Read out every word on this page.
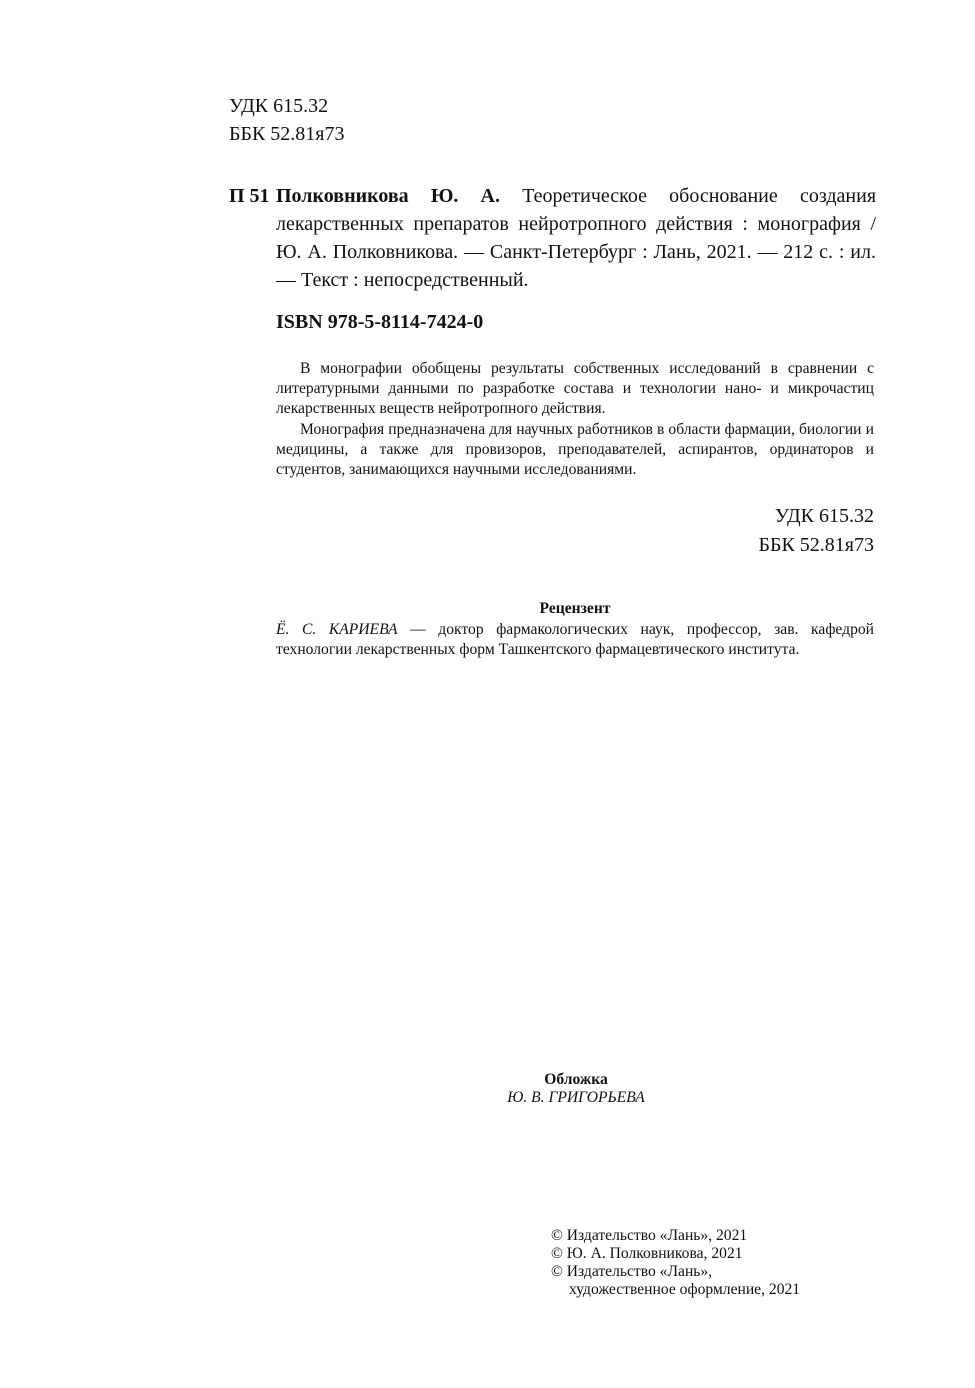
УДК 615.32
ББК 52.81я73
П 51 Полковникова Ю. А. Теоретическое обоснование создания лекарственных препаратов нейротропного действия : монография / Ю. А. Полковникова. — Санкт-Петербург : Лань, 2021. — 212 с. : ил. — Текст : непосредственный.
ISBN 978-5-8114-7424-0

В монографии обобщены результаты собственных исследований в сравнении с литературными данными по разработке состава и технологии нано- и микрочастиц лекарственных веществ нейротропного действия.

Монография предназначена для научных работников в области фармации, биологии и медицины, а также для провизоров, преподавателей, аспирантов, ординаторов и студентов, занимающихся научными исследованиями.

УДК 615.32
ББК 52.81я73
Рецензент
Ё. С. КАРИЕВА — доктор фармакологических наук, профессор, зав. кафедрой технологии лекарственных форм Ташкентского фармацевтического института.
Обложка
Ю. В. ГРИГОРЬЕВА
© Издательство «Лань», 2021
© Ю. А. Полковникова, 2021
© Издательство «Лань»,
художественное оформление, 2021
